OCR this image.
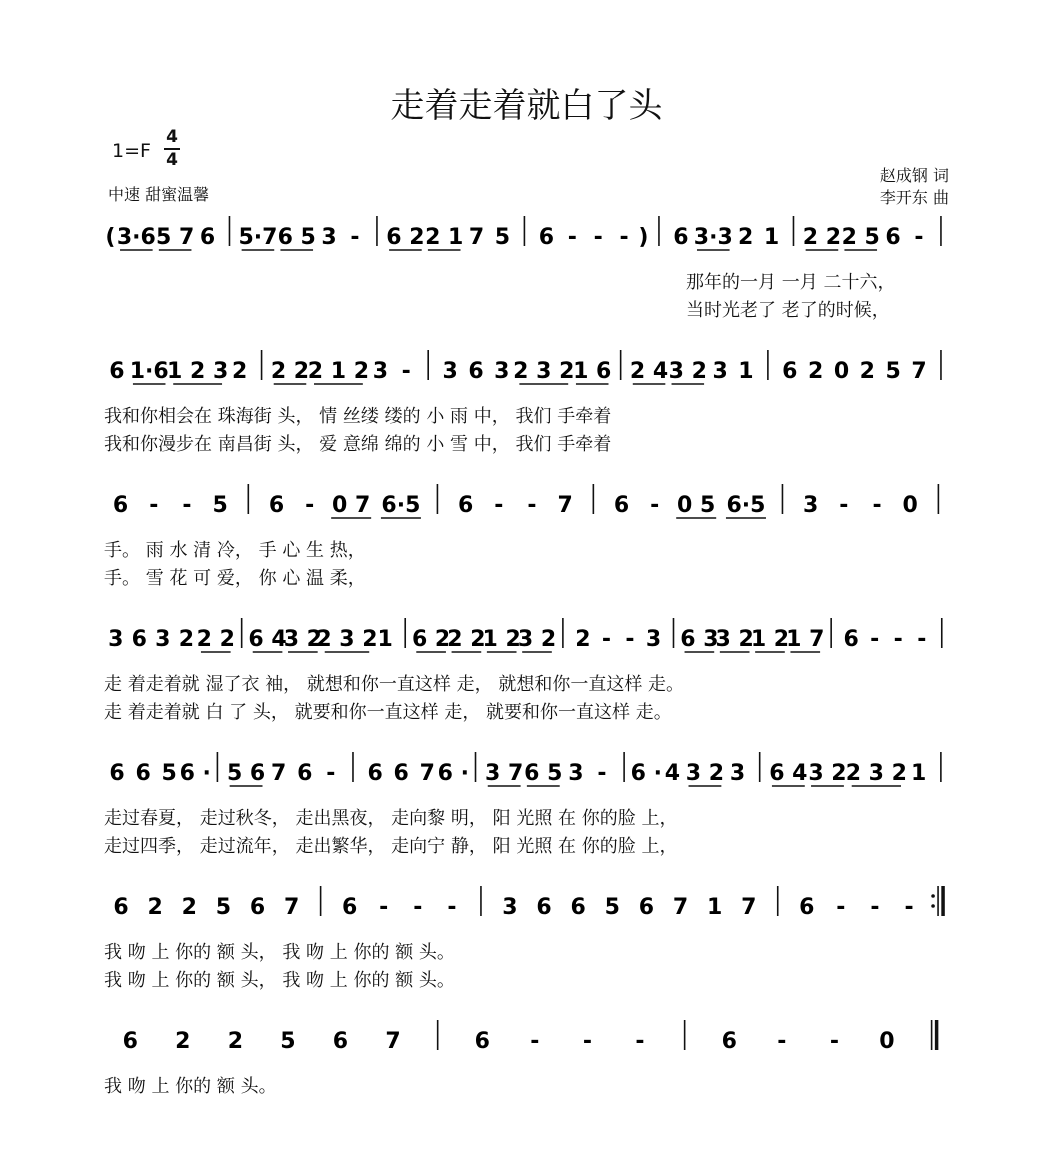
走着走着就白了头
1=F
4
4
中速 甜蜜温馨
赵成钢 词
李开东 曲
( 3·6 5 7 6 5·7 6 5 3 - 6 2 2 1 7 5 6 - - - ) 6 3·3 2 1 2 2 2 5 6 -
那年的一月 一月 二十六，
当时光老了 老了的时候，
6 1·6
1 2 3 2 2 2
2 1 2 3 - 3 6 3 2 3 2
1 6 2 4 3 2 3 1 6 2 0 2 5 7
我和你相会在 珠海街 头， 情 丝缕 缕的 小 雨 中， 我们 手牵着
我和你漫步在 南昌街 头， 爱 意绵 绵的 小 雪 中， 我们 手牵着
6 - - 5 6 - 0 7 6·5 6 - - 7 6 - 0 5 6·5 3 - - 0
手。 雨 水 清 冷， 手 心 生 热，
手。 雪 花 可 爱， 你 心 温 柔，
3 6 3 2 2 2 6 4
3 2
2 3 2 1 6 2
2 2
1 2
3 2 2 - - 3 6 3
3 2
1 2
1 7 6 - - -
走 着走着就 湿了衣 袖， 就想和你一直这样 走， 就想和你一直这样 走。
走 着走着就 白 了 头， 就要和你一直这样 走， 就要和你一直这样 走。
6 6 5 6 · 5 6 7 6 - 6 6 7 6 · 3 7 6 5 3 - 6 · 4 3 2 3 6 4 3 2 2 3 2 1
走过春夏， 走过秋冬， 走出黑夜， 走向黎 明， 阳 光照 在 你的脸 上，
走过四季， 走过流年， 走出繁华， 走向宁 静， 阳 光照 在 你的脸 上，
6 2 2 5 6 7 6 - - - 3 6 6 5 6 7 1 7 6 - - -
我 吻 上 你的 额 头， 我 吻 上 你的 额 头。
我 吻 上 你的 额 头， 我 吻 上 你的 额 头。
6 2 2 5 6 7	6 - - -	6 - - 0
我 吻 上 你的 额 头。
